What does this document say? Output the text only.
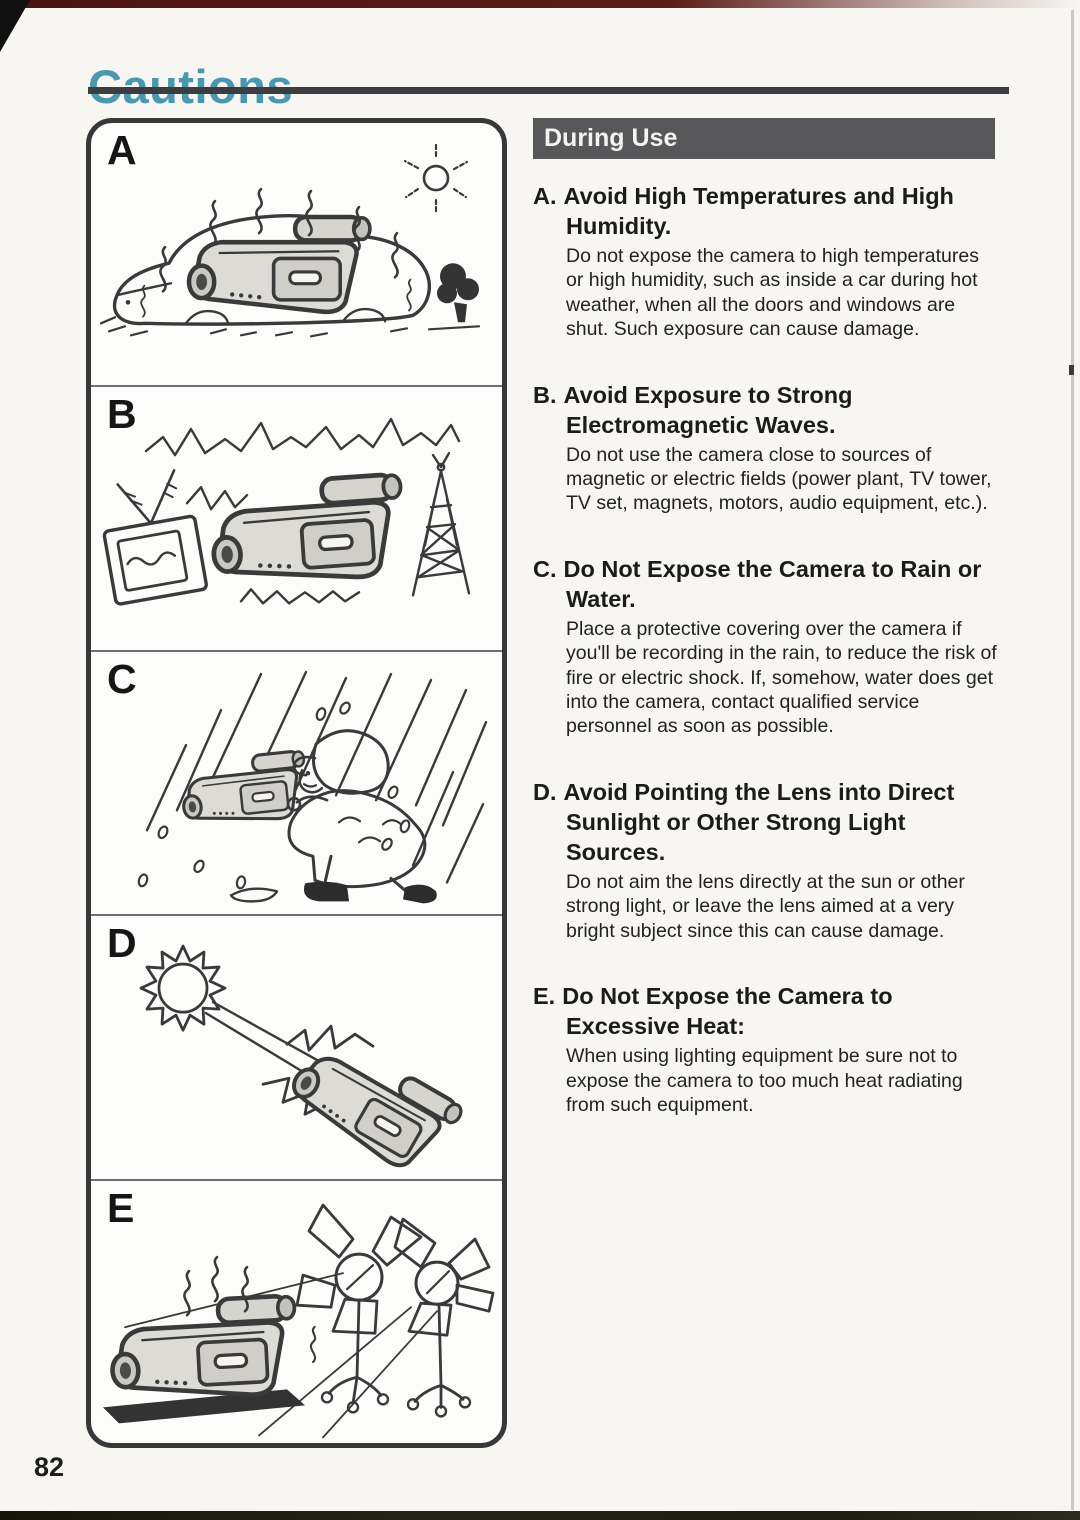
A
B
C
D
E
During Use
A. Avoid High Temperatures and High Humidity.

Do not expose the camera to high temperatures or high humidity, such as inside a car during hot weather, when all the doors and windows are shut. Such exposure can cause damage.

B. Avoid Exposure to Strong Electromagnetic Waves.

Do not use the camera close to sources of magnetic or electric fields (power plant, TV tower, TV set, magnets, motors, audio equipment, etc.).

C. Do Not Expose the Camera to Rain or Water.

Place a protective covering over the camera if you'll be recording in the rain, to reduce the risk of fire or electric shock. If, somehow, water does get into the camera, contact qualified service personnel as soon as possible.

D. Avoid Pointing the Lens into Direct Sunlight or Other Strong Light Sources.

Do not aim the lens directly at the sun or other strong light, or leave the lens aimed at a very bright subject since this can cause damage.

E. Do Not Expose the Camera to Excessive Heat:

When using lighting equipment be sure not to expose the camera to too much heat radiating from such equipment.

82
